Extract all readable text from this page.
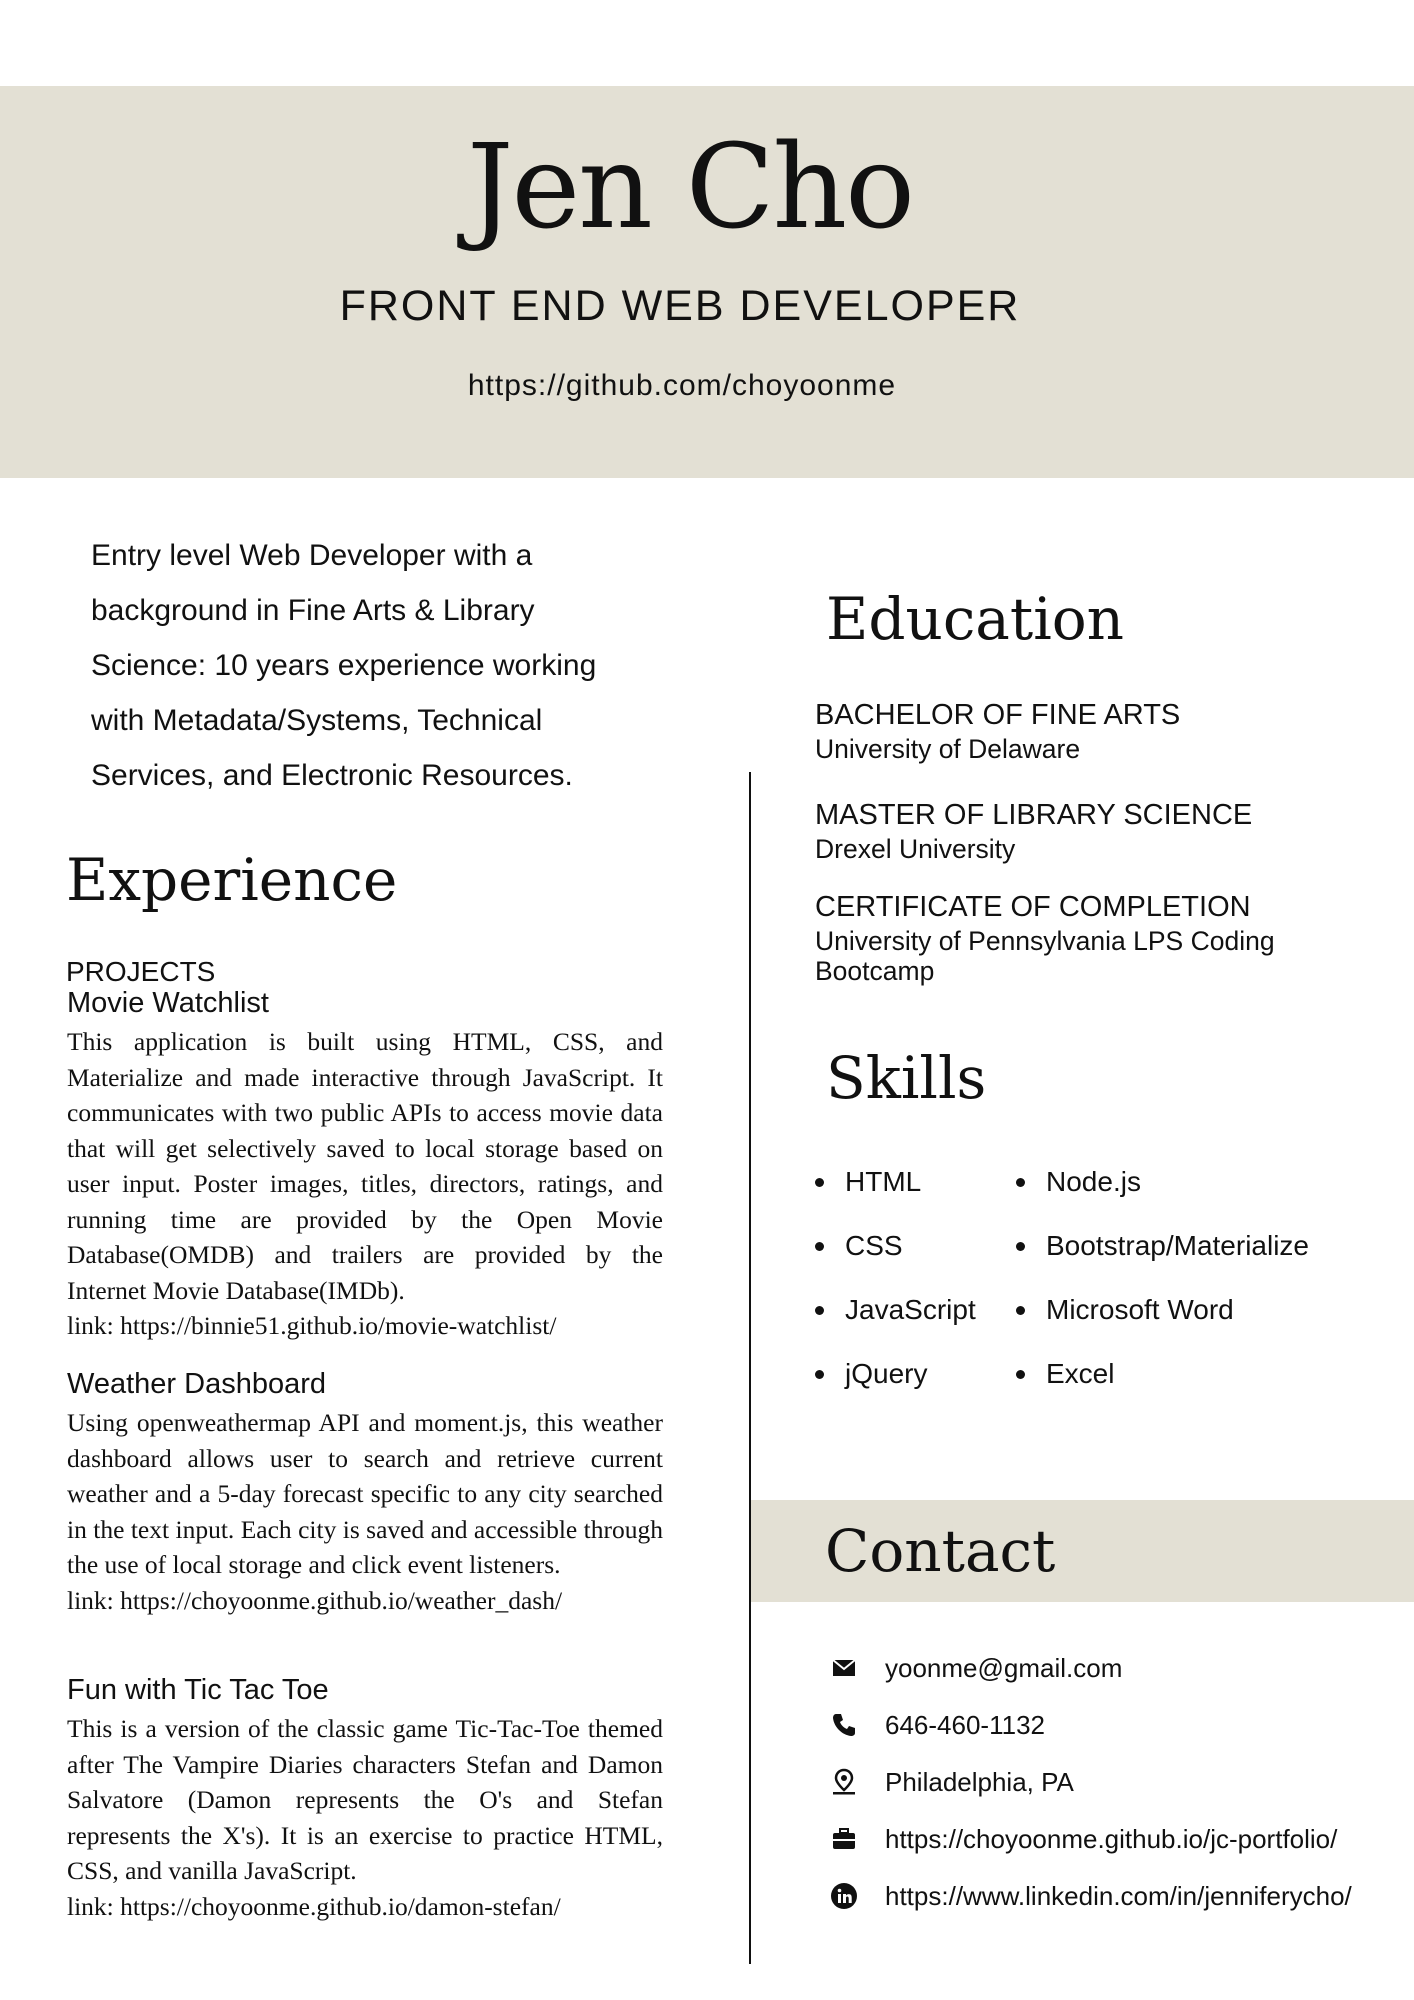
Jen Cho
FRONT END WEB DEVELOPER
https://github.com/choyoonme

Entry level Web Developer with a background in Fine Arts & Library Science: 10 years experience working with Metadata/Systems, Technical Services, and Electronic Resources.

Experience
PROJECTS
Movie Watchlist

This application is built using HTML, CSS, and Materialize and made interactive through JavaScript. It communicates with two public APIs to access movie data that will get selectively saved to local storage based on user input. Poster images, titles, directors, ratings, and running time are provided by the Open Movie Database(OMDB) and trailers are provided by the Internet Movie Database(IMDb).

link: https://binnie51.github.io/movie-watchlist/

Weather Dashboard

Using openweathermap API and moment.js, this weather dashboard allows user to search and retrieve current weather and a 5-day forecast specific to any city searched in the text input. Each city is saved and accessible through the use of local storage and click event listeners.

link: https://choyoonme.github.io/weather_dash/

Fun with Tic Tac Toe

This is a version of the classic game Tic-Tac-Toe themed after The Vampire Diaries characters Stefan and Damon Salvatore (Damon represents the O's and Stefan represents the X's). It is an exercise to practice HTML, CSS, and vanilla JavaScript.

link: https://choyoonme.github.io/damon-stefan/

Education
BACHELOR OF FINE ARTS
University of Delaware
MASTER OF LIBRARY SCIENCE
Drexel University
CERTIFICATE OF COMPLETION
University of Pennsylvania LPS Coding Bootcamp
Skills
HTML
CSS
JavaScript
jQuery
Node.js
Bootstrap/Materialize
Microsoft Word
Excel
Contact
yoonme@gmail.com
646-460-1132
Philadelphia, PA
https://choyoonme.github.io/jc-portfolio/
https://www.linkedin.com/in/jenniferycho/
